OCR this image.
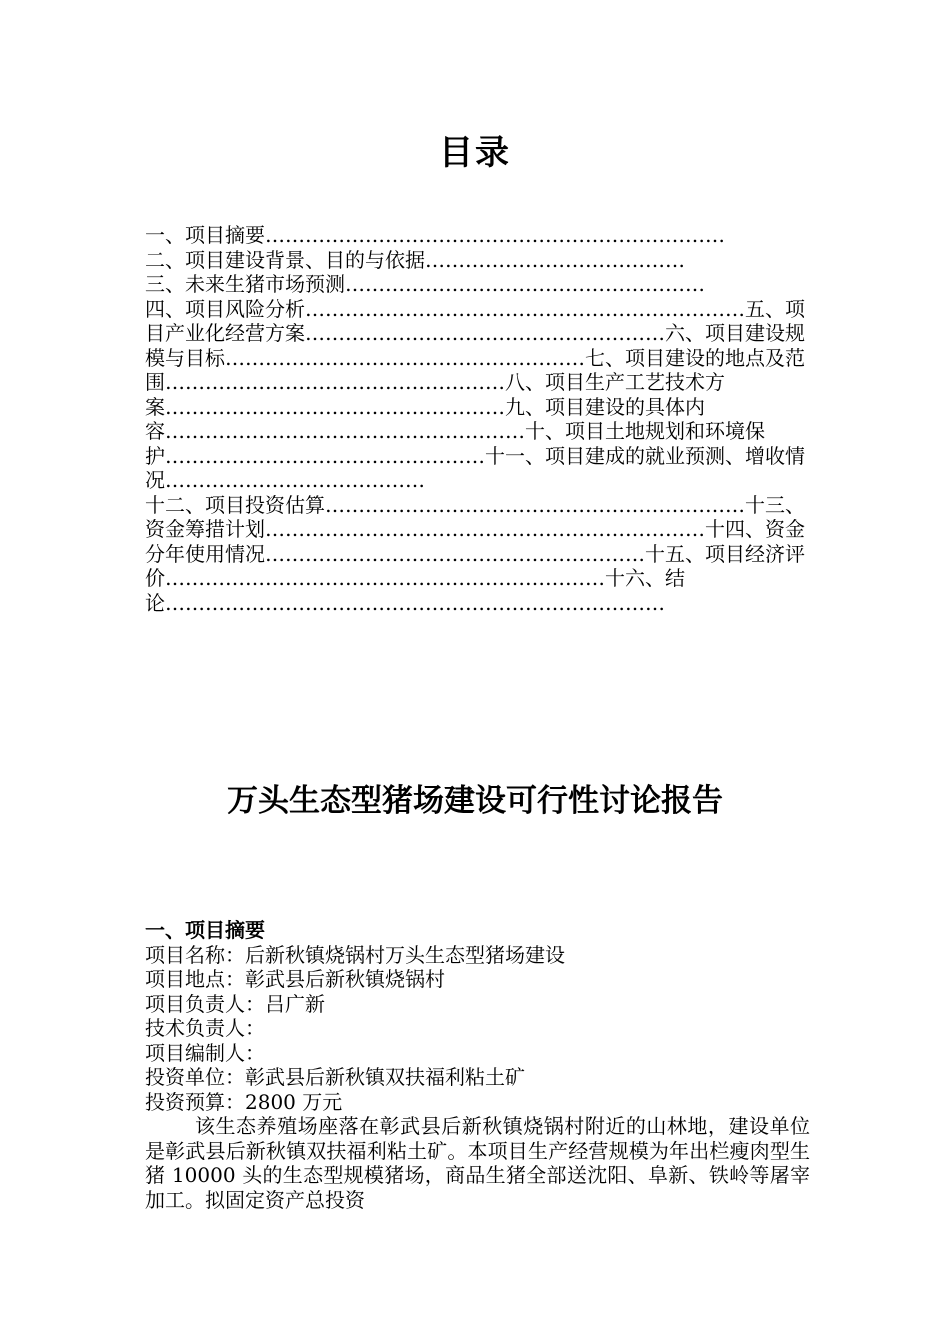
目录
一、项目摘要……………………………………………………………
二、项目建设背景、目的与依据…………………………………
三、未来生猪市场预测………………………………………………
四、项目风险分析…………………………………………………………五、项目产业化经营方案………………………………………………六、项目建设规模与目标………………………………………………七、项目建设的地点及范围……………………………………………八、项目生产工艺技术方案……………………………………………九、项目建设的具体内容………………………………………………十、项目土地规划和环境保护…………………………………………十一、项目建成的就业预测、增收情况…………………………………
十二、项目投资估算………………………………………………………十三、资金筹措计划…………………………………………………………十四、资金分年使用情况…………………………………………………十五、项目经济评价…………………………………………………………十六、结论…………………………………………………………………
万头生态型猪场建设可行性讨论报告
一、项目摘要
项目名称：后新秋镇烧锅村万头生态型猪场建设
项目地点：彰武县后新秋镇烧锅村
项目负责人：吕广新
技术负责人：
项目编制人：
投资单位：彰武县后新秋镇双扶福利粘土矿
投资预算：2800 万元
该生态养殖场座落在彰武县后新秋镇烧锅村附近的山林地，建设单位是彰武县后新秋镇双扶福利粘土矿。本项目生产经营规模为年出栏瘦肉型生猪 10000 头的生态型规模猪场，商品生猪全部送沈阳、阜新、铁岭等屠宰加工。拟固定资产总投资
